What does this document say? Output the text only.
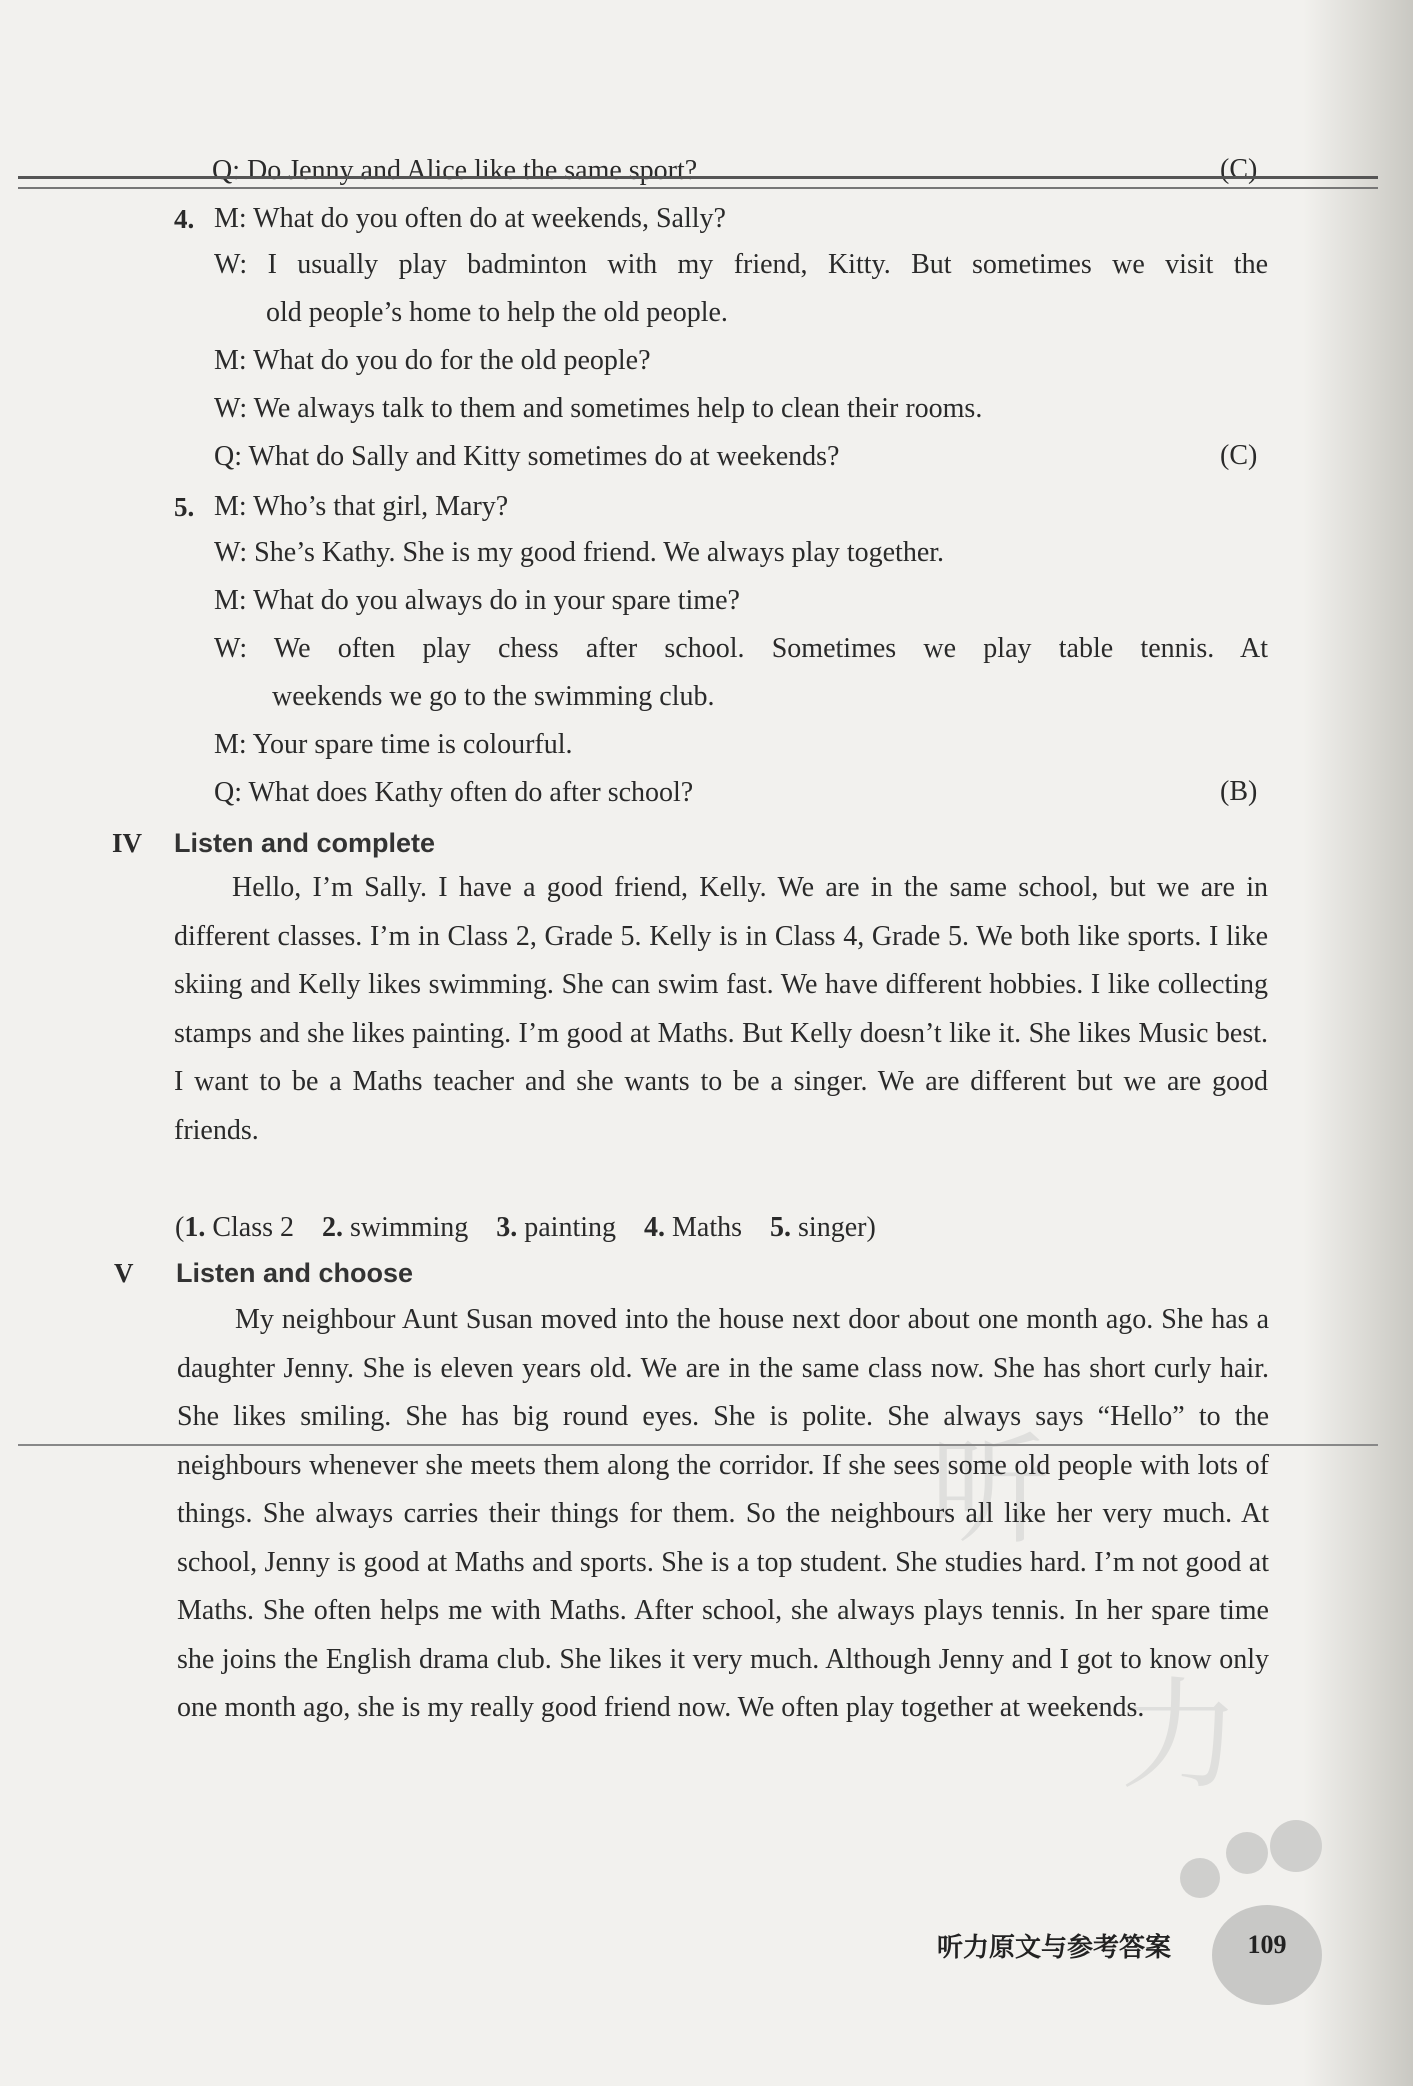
听
力
Q: Do Jenny and Alice like the same sport?	(C)
4. M: What do you often do at weekends, Sally?
W: I usually play badminton with my friend, Kitty. But sometimes we visit the
old people’s home to help the old people.
M: What do you do for the old people?
W: We always talk to them and sometimes help to clean their rooms.
Q: What do Sally and Kitty sometimes do at weekends?	(C)
5. M: Who’s that girl, Mary?
W: She’s Kathy. She is my good friend. We always play together.
M: What do you always do in your spare time?
W: We often play chess after school. Sometimes we play table tennis. At
weekends we go to the swimming club.
M: Your spare time is colourful.
Q: What does Kathy often do after school?	(B)
IV Listen and complete

Hello, I’m Sally. I have a good friend, Kelly. We are in the same school, but we are in different classes. I’m in Class 2, Grade 5. Kelly is in Class 4, Grade 5. We both like sports. I like skiing and Kelly likes swimming. She can swim fast. We have different hobbies. I like collecting stamps and she likes painting. I’m good at Maths. But Kelly doesn’t like it. She likes Music best. I want to be a Maths teacher and she wants to be a singer. We are different but we are good friends.

(1. Class 2 2. swimming 3. painting 4. Maths 5. singer)
V Listen and choose

My neighbour Aunt Susan moved into the house next door about one month ago. She has a daughter Jenny. She is eleven years old. We are in the same class now. She has short curly hair. She likes smiling. She has big round eyes. She is polite. She always says “Hello” to the neighbours whenever she meets them along the corridor. If she sees some old people with lots of things. She always carries their things for them. So the neighbours all like her very much. At school, Jenny is good at Maths and sports. She is a top student. She studies hard. I’m not good at Maths. She often helps me with Maths. After school, she always plays tennis. In her spare time she joins the English drama club. She likes it very much. Although Jenny and I got to know only one month ago, she is my really good friend now. We often play together at weekends.

听力原文与参考答案	109
